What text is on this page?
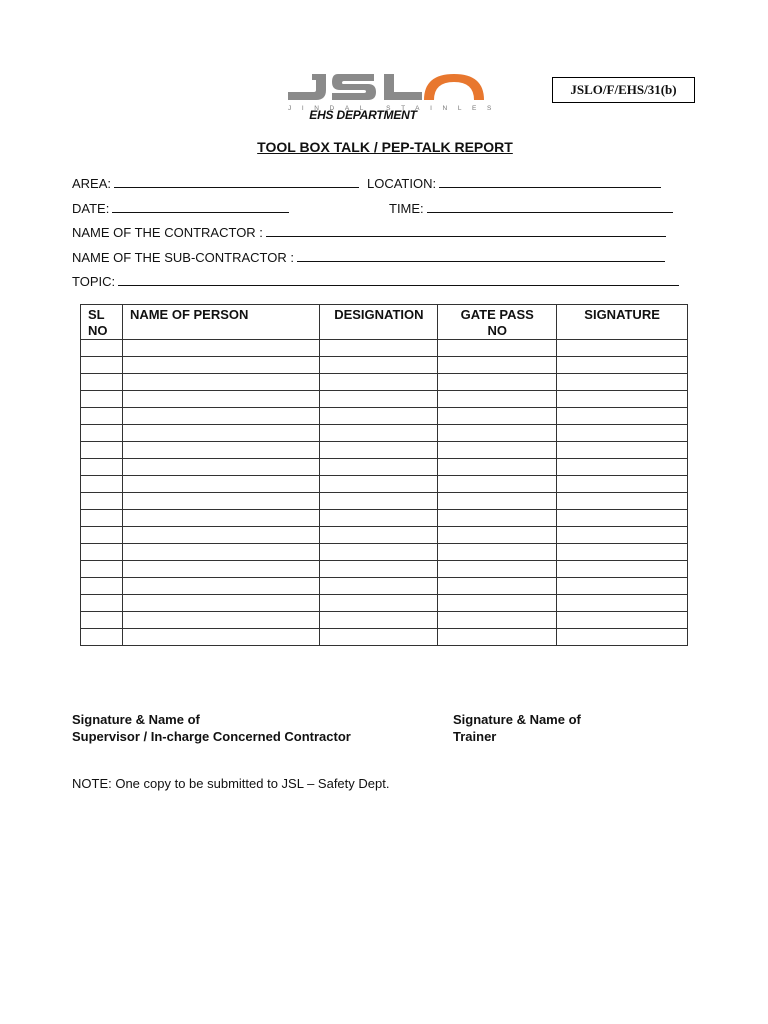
JINDAL STAINLESS
EHS DEPARTMENT
JSLO/F/EHS/31(b)
TOOL BOX TALK / PEP-TALK REPORT
AREA:	LOCATION:
DATE:	TIME:
NAME OF THE CONTRACTOR :
NAME OF THE SUB-CONTRACTOR :
TOPIC:
SL NO	NAME OF PERSON	DESIGNATION	GATE PASS NO	SIGNATURE

Signature & Name of
Supervisor / In-charge Concerned Contractor
Signature & Name of
Trainer
NOTE: One copy to be submitted to JSL – Safety Dept.
